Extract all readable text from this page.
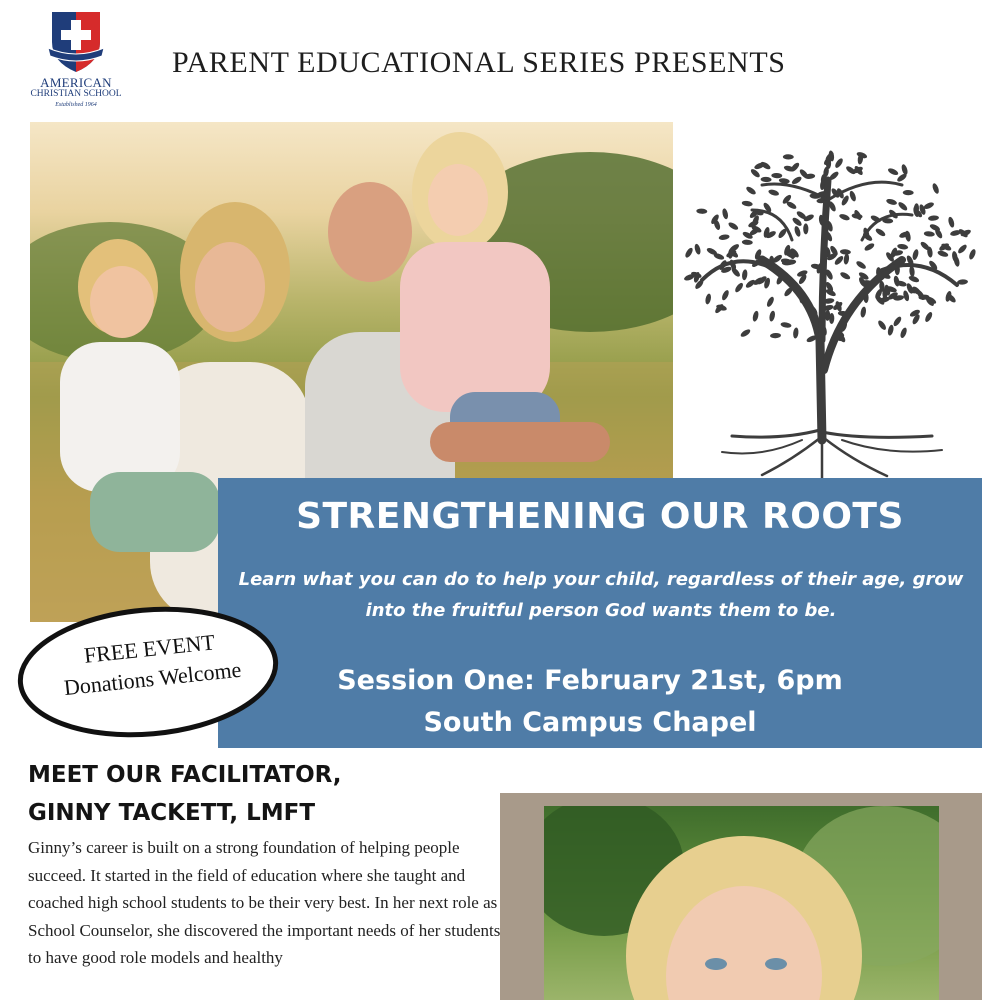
AMERICAN
CHRISTIAN SCHOOL
Established 1964
PARENT EDUCATIONAL SERIES PRESENTS
STRENGTHENING OUR ROOTS
Learn what you can do to help your child, regardless of their age, grow into the fruitful person God wants them to be.
Session One: February 21st, 6pm
South Campus Chapel
FREE EVENT
Donations Welcome
MEET OUR FACILITATOR,
GINNY TACKETT, LMFT
Ginny’s career is built on a strong foundation of helping people succeed. It started in the field of education where she taught and coached high school students to be their very best. In her next role as School Counselor, she discovered the important needs of her students to have good role models and healthy
